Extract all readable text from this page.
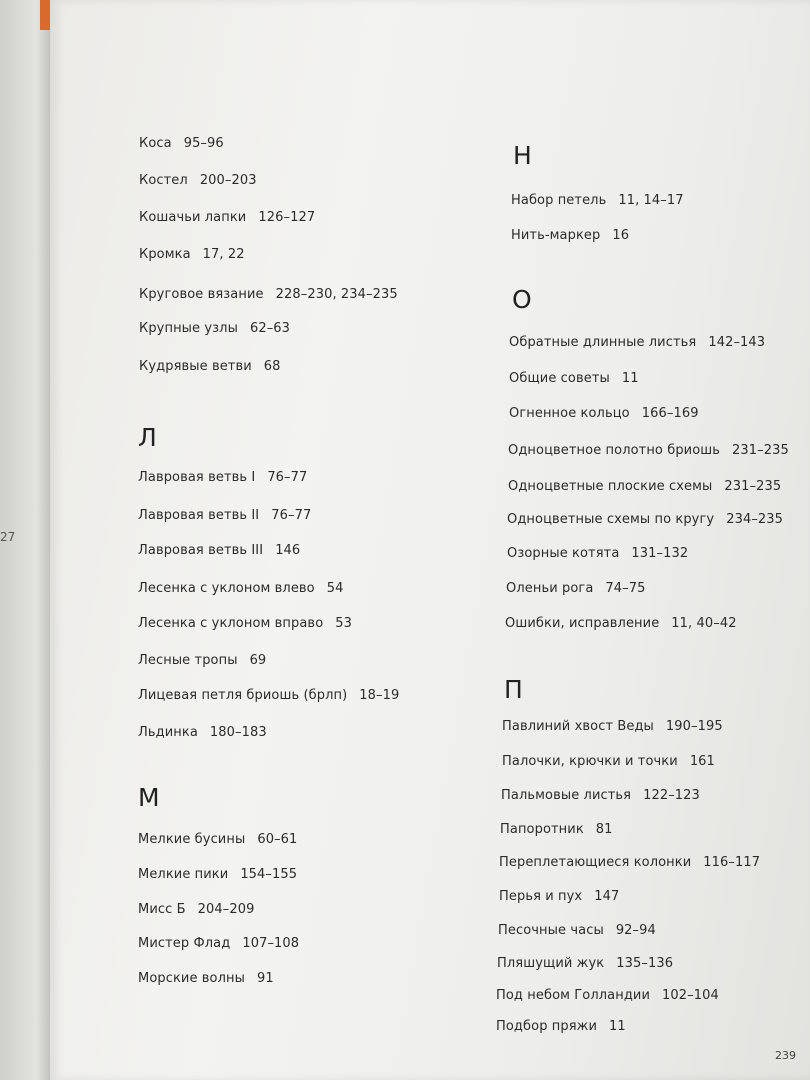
27
Коса 95–96
Костел 200–203
Кошачьи лапки 126–127
Кромка 17, 22
Круговое вязание 228–230, 234–235
Крупные узлы 62–63
Кудрявые ветви 68
Л
Лавровая ветвь I 76–77
Лавровая ветвь II 76–77
Лавровая ветвь III 146
Лесенка с уклоном влево 54
Лесенка с уклоном вправо 53
Лесные тропы 69
Лицевая петля бриошь (брлп) 18–19
Льдинка 180–183
М
Мелкие бусины 60–61
Мелкие пики 154–155
Мисс Б 204–209
Мистер Флад 107–108
Морские волны 91
Н
Набор петель 11, 14–17
Нить-маркер 16
О
Обратные длинные листья 142–143
Общие советы 11
Огненное кольцо 166–169
Одноцветное полотно бриошь 231–235
Одноцветные плоские схемы 231–235
Одноцветные схемы по кругу 234–235
Озорные котята 131–132
Оленьи рога 74–75
Ошибки, исправление 11, 40–42
П
Павлиний хвост Веды 190–195
Палочки, крючки и точки 161
Пальмовые листья 122–123
Папоротник 81
Переплетающиеся колонки 116–117
Перья и пух 147
Песочные часы 92–94
Пляшущий жук 135–136
Под небом Голландии 102–104
Подбор пряжи 11
239
